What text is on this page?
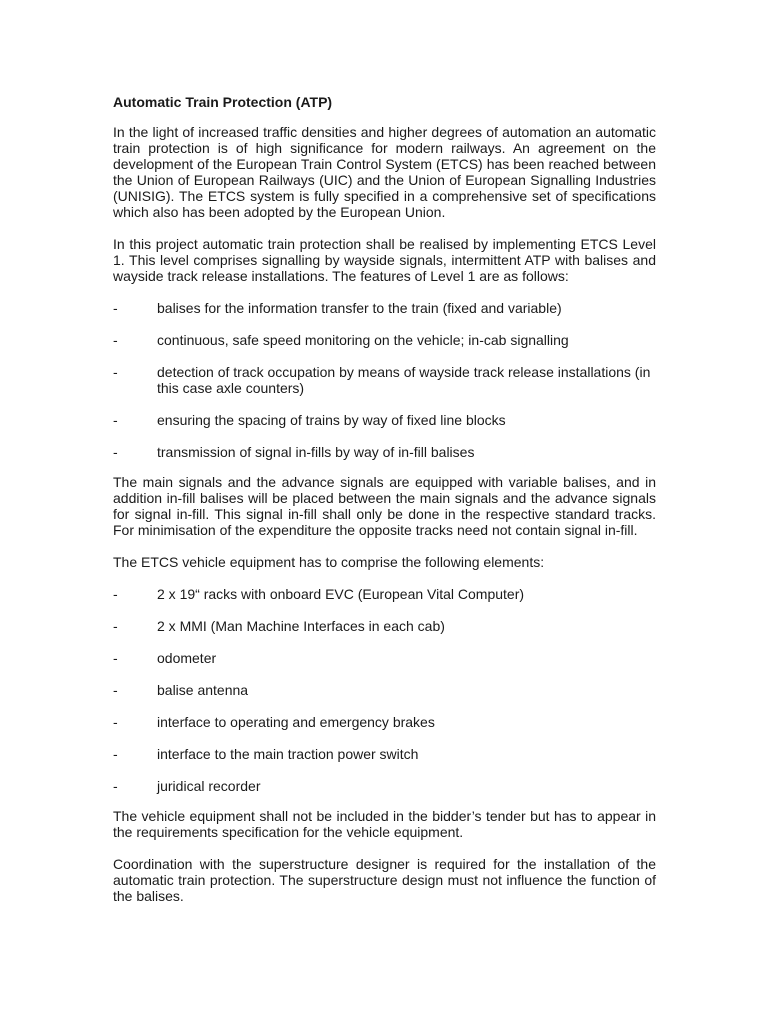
Automatic Train Protection (ATP)

In the light of increased traffic densities and higher degrees of automation an automatic train protection is of high significance for modern railways. An agreement on the development of the European Train Control System (ETCS) has been reached between the Union of European Railways (UIC) and the Union of European Signalling Industries (UNISIG). The ETCS system is fully specified in a comprehensive set of specifications which also has been adopted by the European Union.

In this project automatic train protection shall be realised by implementing ETCS Level 1. This level comprises signalling by wayside signals, intermittent ATP with balises and wayside track release installations. The features of Level 1 are as follows:

-	balises for the information transfer to the train (fixed and variable)
-	continuous, safe speed monitoring on the vehicle; in-cab signalling
-	detection of track occupation by means of wayside track release installations (in this case axle counters)
-	ensuring the spacing of trains by way of fixed line blocks
-	transmission of signal in-fills by way of in-fill balises

The main signals and the advance signals are equipped with variable balises, and in addition in-fill balises will be placed between the main signals and the advance signals for signal in-fill. This signal in-fill shall only be done in the respective standard tracks. For minimisation of the expenditure the opposite tracks need not contain signal in-fill.

The ETCS vehicle equipment has to comprise the following elements:

-	2 x 19“ racks with onboard EVC (European Vital Computer)
-	2 x MMI (Man Machine Interfaces in each cab)
-	odometer
-	balise antenna
-	interface to operating and emergency brakes
-	interface to the main traction power switch
-	juridical recorder

The vehicle equipment shall not be included in the bidder’s tender but has to appear in the requirements specification for the vehicle equipment.

Coordination with the superstructure designer is required for the installation of the automatic train protection. The superstructure design must not influence the function of the balises.
